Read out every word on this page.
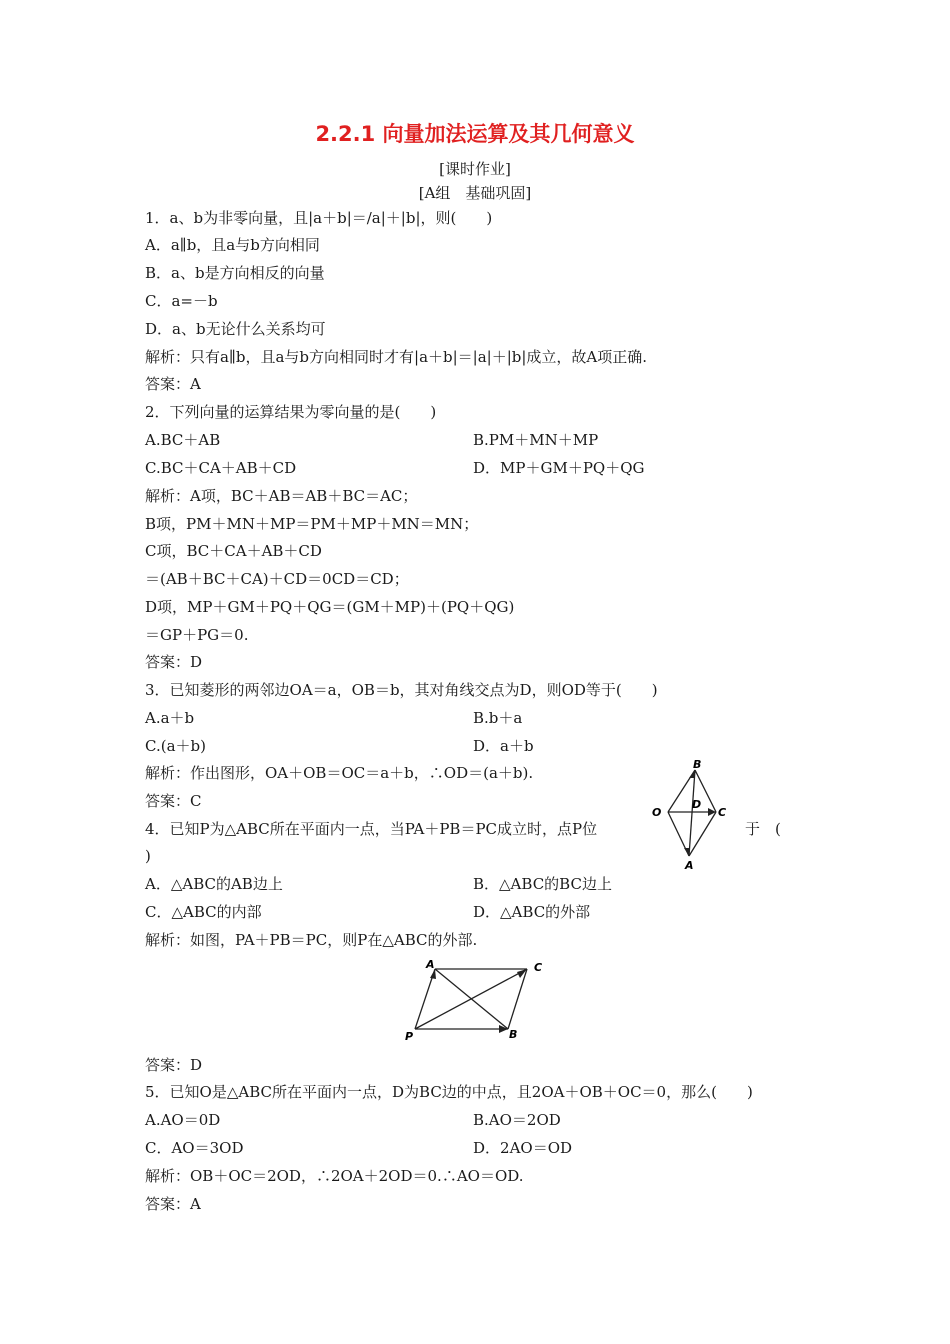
2.2.1 向量加法运算及其几何意义
[课时作业]
[A组　基础巩固]
1．a、b为非零向量，且|a＋b|＝/a|＋|b|，则(　　)
A．a∥b，且a与b方向相同
B．a、b是方向相反的向量
C．a=－b
D．a、b无论什么关系均可
解析：只有a∥b，且a与b方向相同时才有|a＋b|＝|a|＋|b|成立，故A项正确.
答案：A
2．下列向量的运算结果为零向量的是(　　)
A.BC＋AB	B.PM＋MN＋MP
C.BC＋CA＋AB＋CD	D．MP＋GM＋PQ＋QG
解析：A项，BC＋AB＝AB＋BC＝AC；
B项，PM＋MN＋MP＝PM＋MP＋MN＝MN；
C项，BC＋CA＋AB＋CD
＝(AB＋BC＋CA)＋CD＝0CD＝CD；
D项，MP＋GM＋PQ＋QG＝(GM＋MP)＋(PQ＋QG)
＝GP＋PG＝0.
答案：D
3．已知菱形的两邻边OA＝a，OB＝b，其对角线交点为D，则OD等于(　　)
A.a＋b	B.b＋a
C.(a＋b)	D．a＋b
解析：作出图形，OA＋OB＝OC＝a＋b，∴OD＝(a＋b).
答案：C
B
O
D
C
A
4．已知P为△ABC所在平面内一点，当PA＋PB＝PC成立时，点P位	于　(
)
A．△ABC的AB边上	B．△ABC的BC边上
C．△ABC的内部	D．△ABC的外部
解析：如图，PA＋PB＝PC，则P在△ABC的外部.
A	C
P	B
答案：D
5．已知O是△ABC所在平面内一点，D为BC边的中点，且2OA＋OB＋OC＝0，那么(　　)
A.AO＝0D	B.AO＝2OD
C．AO＝3OD	D．2AO＝OD
解析：OB＋OC＝2OD，∴2OA＋2OD＝0.∴AO＝OD.
答案：A
